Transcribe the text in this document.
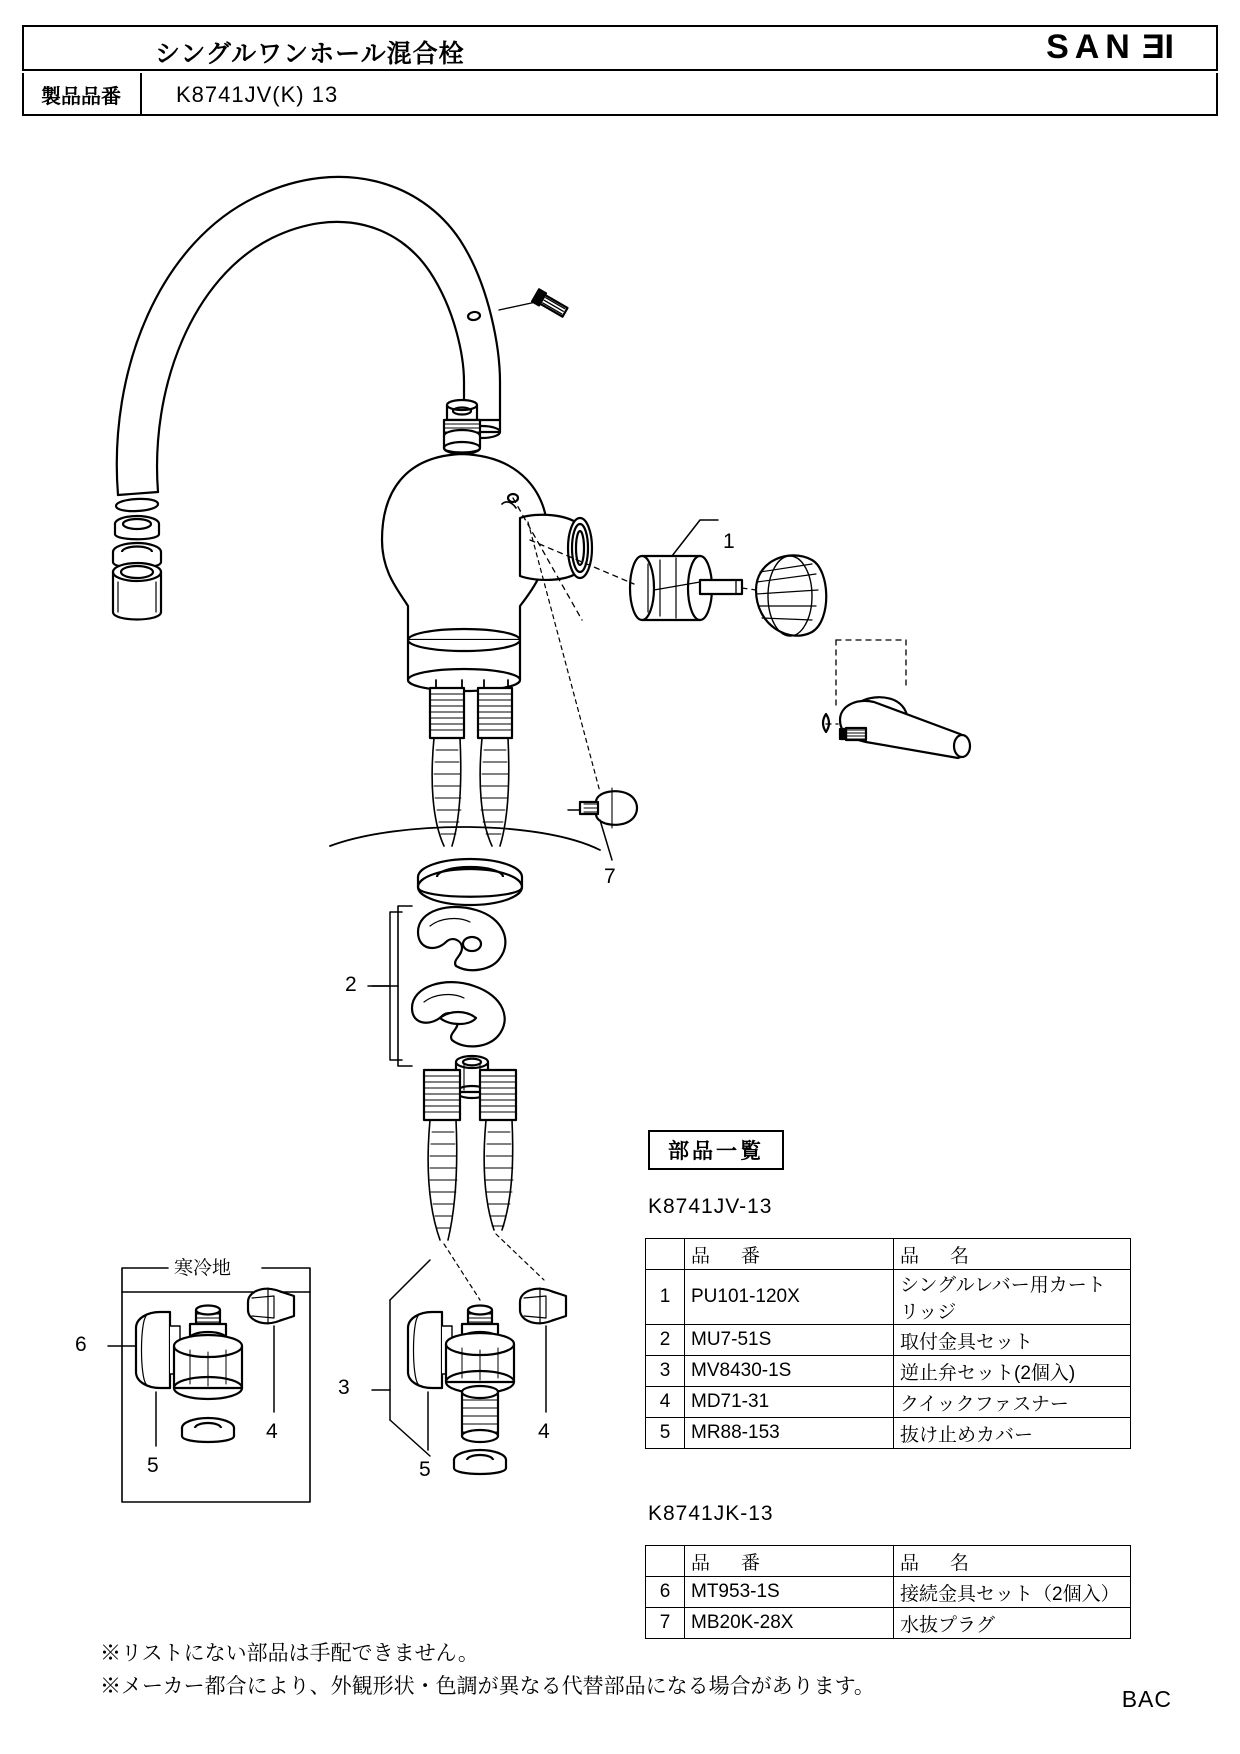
シングルワンホール混合栓	SANEI
製品品番	K8741JV(K) 13
1
7
2
3
4
5
6
4
5
寒冷地
部品一覧
K8741JV-13
	品　番	品　名
1	PU101-120X	シングルレバー用カートリッジ
2	MU7-51S	取付金具セット
3	MV8430-1S	逆止弁セット(2個入)
4	MD71-31	クイックファスナー
5	MR88-153	抜け止めカバー
K8741JK-13
	品　番	品　名
6	MT953-1S	接続金具セット（2個入）
7	MB20K-28X	水抜プラグ
※リストにない部品は手配できません。
※メーカー都合により、外観形状・色調が異なる代替部品になる場合があります。	BAC
